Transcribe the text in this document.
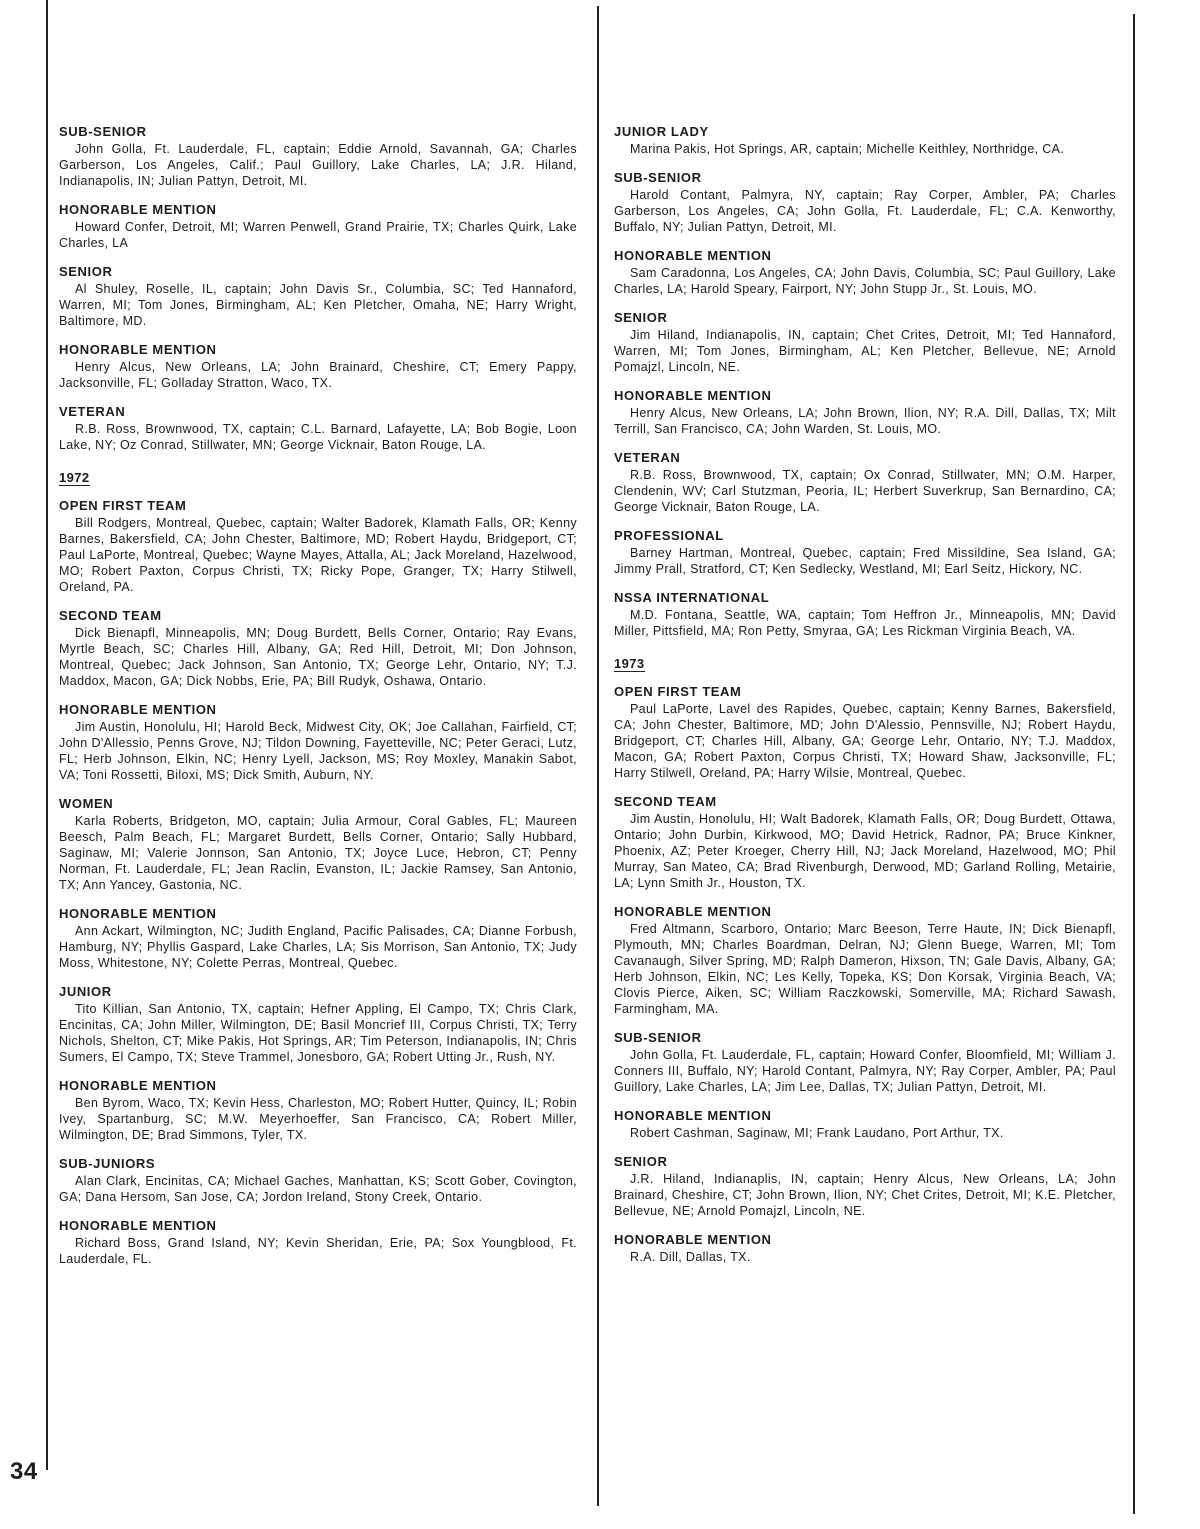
SUB-SENIOR

John Golla, Ft. Lauderdale, FL, captain; Eddie Arnold, Savannah, GA; Charles Garberson, Los Angeles, Calif.; Paul Guillory, Lake Charles, LA; J.R. Hiland, Indianapolis, IN; Julian Pattyn, Detroit, MI.

HONORABLE MENTION

Howard Confer, Detroit, MI; Warren Penwell, Grand Prairie, TX; Charles Quirk, Lake Charles, LA

SENIOR

Al Shuley, Roselle, IL, captain; John Davis Sr., Columbia, SC; Ted Hannaford, Warren, MI; Tom Jones, Birmingham, AL; Ken Pletcher, Omaha, NE; Harry Wright, Baltimore, MD.

HONORABLE MENTION

Henry Alcus, New Orleans, LA; John Brainard, Cheshire, CT; Emery Pappy, Jacksonville, FL; Golladay Stratton, Waco, TX.

VETERAN

R.B. Ross, Brownwood, TX, captain; C.L. Barnard, Lafayette, LA; Bob Bogie, Loon Lake, NY; Oz Conrad, Stillwater, MN; George Vicknair, Baton Rouge, LA.

1972
OPEN FIRST TEAM

Bill Rodgers, Montreal, Quebec, captain; Walter Badorek, Klamath Falls, OR; Kenny Barnes, Bakersfield, CA; John Chester, Baltimore, MD; Robert Haydu, Bridgeport, CT; Paul LaPorte, Montreal, Quebec; Wayne Mayes, Attalla, AL; Jack Moreland, Hazelwood, MO; Robert Paxton, Corpus Christi, TX; Ricky Pope, Granger, TX; Harry Stilwell, Oreland, PA.

SECOND TEAM

Dick Bienapfl, Minneapolis, MN; Doug Burdett, Bells Corner, Ontario; Ray Evans, Myrtle Beach, SC; Charles Hill, Albany, GA; Red Hill, Detroit, MI; Don Johnson, Montreal, Quebec; Jack Johnson, San Antonio, TX; George Lehr, Ontario, NY; T.J. Maddox, Macon, GA; Dick Nobbs, Erie, PA; Bill Rudyk, Oshawa, Ontario.

HONORABLE MENTION

Jim Austin, Honolulu, HI; Harold Beck, Midwest City, OK; Joe Callahan, Fairfield, CT; John D'Allessio, Penns Grove, NJ; Tildon Downing, Fayetteville, NC; Peter Geraci, Lutz, FL; Herb Johnson, Elkin, NC; Henry Lyell, Jackson, MS; Roy Moxley, Manakin Sabot, VA; Toni Rossetti, Biloxi, MS; Dick Smith, Auburn, NY.

WOMEN

Karla Roberts, Bridgeton, MO, captain; Julia Armour, Coral Gables, FL; Maureen Beesch, Palm Beach, FL; Margaret Burdett, Bells Corner, Ontario; Sally Hubbard, Saginaw, MI; Valerie Jonnson, San Antonio, TX; Joyce Luce, Hebron, CT; Penny Norman, Ft. Lauderdale, FL; Jean Raclin, Evanston, IL; Jackie Ramsey, San Antonio, TX; Ann Yancey, Gastonia, NC.

HONORABLE MENTION

Ann Ackart, Wilmington, NC; Judith England, Pacific Palisades, CA; Dianne Forbush, Hamburg, NY; Phyllis Gaspard, Lake Charles, LA; Sis Morrison, San Antonio, TX; Judy Moss, Whitestone, NY; Colette Perras, Montreal, Quebec.

JUNIOR

Tito Killian, San Antonio, TX, captain; Hefner Appling, El Campo, TX; Chris Clark, Encinitas, CA; John Miller, Wilmington, DE; Basil Moncrief III, Corpus Christi, TX; Terry Nichols, Shelton, CT; Mike Pakis, Hot Springs, AR; Tim Peterson, Indianapolis, IN; Chris Sumers, El Campo, TX; Steve Trammel, Jonesboro, GA; Robert Utting Jr., Rush, NY.

HONORABLE MENTION

Ben Byrom, Waco, TX; Kevin Hess, Charleston, MO; Robert Hutter, Quincy, IL; Robin Ivey, Spartanburg, SC; M.W. Meyerhoeffer, San Francisco, CA; Robert Miller, Wilmington, DE; Brad Simmons, Tyler, TX.

SUB-JUNIORS

Alan Clark, Encinitas, CA; Michael Gaches, Manhattan, KS; Scott Gober, Covington, GA; Dana Hersom, San Jose, CA; Jordon Ireland, Stony Creek, Ontario.

HONORABLE MENTION

Richard Boss, Grand Island, NY; Kevin Sheridan, Erie, PA; Sox Youngblood, Ft. Lauderdale, FL.

JUNIOR LADY

Marina Pakis, Hot Springs, AR, captain; Michelle Keithley, Northridge, CA.

SUB-SENIOR

Harold Contant, Palmyra, NY, captain; Ray Corper, Ambler, PA; Charles Garberson, Los Angeles, CA; John Golla, Ft. Lauderdale, FL; C.A. Kenworthy, Buffalo, NY; Julian Pattyn, Detroit, MI.

HONORABLE MENTION

Sam Caradonna, Los Angeles, CA; John Davis, Columbia, SC; Paul Guillory, Lake Charles, LA; Harold Speary, Fairport, NY; John Stupp Jr., St. Louis, MO.

SENIOR

Jim Hiland, Indianapolis, IN, captain; Chet Crites, Detroit, MI; Ted Hannaford, Warren, MI; Tom Jones, Birmingham, AL; Ken Pletcher, Bellevue, NE; Arnold Pomajzl, Lincoln, NE.

HONORABLE MENTION

Henry Alcus, New Orleans, LA; John Brown, Ilion, NY; R.A. Dill, Dallas, TX; Milt Terrill, San Francisco, CA; John Warden, St. Louis, MO.

VETERAN

R.B. Ross, Brownwood, TX, captain; Ox Conrad, Stillwater, MN; O.M. Harper, Clendenin, WV; Carl Stutzman, Peoria, IL; Herbert Suverkrup, San Bernardino, CA; George Vicknair, Baton Rouge, LA.

PROFESSIONAL

Barney Hartman, Montreal, Quebec, captain; Fred Missildine, Sea Island, GA; Jimmy Prall, Stratford, CT; Ken Sedlecky, Westland, MI; Earl Seitz, Hickory, NC.

NSSA INTERNATIONAL

M.D. Fontana, Seattle, WA, captain; Tom Heffron Jr., Minneapolis, MN; David Miller, Pittsfield, MA; Ron Petty, Smyraa, GA; Les Rickman Virginia Beach, VA.

1973
OPEN FIRST TEAM

Paul LaPorte, Lavel des Rapides, Quebec, captain; Kenny Barnes, Bakersfield, CA; John Chester, Baltimore, MD; John D'Alessio, Pennsville, NJ; Robert Haydu, Bridgeport, CT; Charles Hill, Albany, GA; George Lehr, Ontario, NY; T.J. Maddox, Macon, GA; Robert Paxton, Corpus Christi, TX; Howard Shaw, Jacksonville, FL; Harry Stilwell, Oreland, PA; Harry Wilsie, Montreal, Quebec.

SECOND TEAM

Jim Austin, Honolulu, HI; Walt Badorek, Klamath Falls, OR; Doug Burdett, Ottawa, Ontario; John Durbin, Kirkwood, MO; David Hetrick, Radnor, PA; Bruce Kinkner, Phoenix, AZ; Peter Kroeger, Cherry Hill, NJ; Jack Moreland, Hazelwood, MO; Phil Murray, San Mateo, CA; Brad Rivenburgh, Derwood, MD; Garland Rolling, Metairie, LA; Lynn Smith Jr., Houston, TX.

HONORABLE MENTION

Fred Altmann, Scarboro, Ontario; Marc Beeson, Terre Haute, IN; Dick Bienapfl, Plymouth, MN; Charles Boardman, Delran, NJ; Glenn Buege, Warren, MI; Tom Cavanaugh, Silver Spring, MD; Ralph Dameron, Hixson, TN; Gale Davis, Albany, GA; Herb Johnson, Elkin, NC; Les Kelly, Topeka, KS; Don Korsak, Virginia Beach, VA; Clovis Pierce, Aiken, SC; William Raczkowski, Somerville, MA; Richard Sawash, Farmingham, MA.

SUB-SENIOR

John Golla, Ft. Lauderdale, FL, captain; Howard Confer, Bloomfield, MI; William J. Conners III, Buffalo, NY; Harold Contant, Palmyra, NY; Ray Corper, Ambler, PA; Paul Guillory, Lake Charles, LA; Jim Lee, Dallas, TX; Julian Pattyn, Detroit, MI.

HONORABLE MENTION

Robert Cashman, Saginaw, MI; Frank Laudano, Port Arthur, TX.

SENIOR

J.R. Hiland, Indianaplis, IN, captain; Henry Alcus, New Orleans, LA; John Brainard, Cheshire, CT; John Brown, Ilion, NY; Chet Crites, Detroit, MI; K.E. Pletcher, Bellevue, NE; Arnold Pomajzl, Lincoln, NE.

HONORABLE MENTION

R.A. Dill, Dallas, TX.

34
